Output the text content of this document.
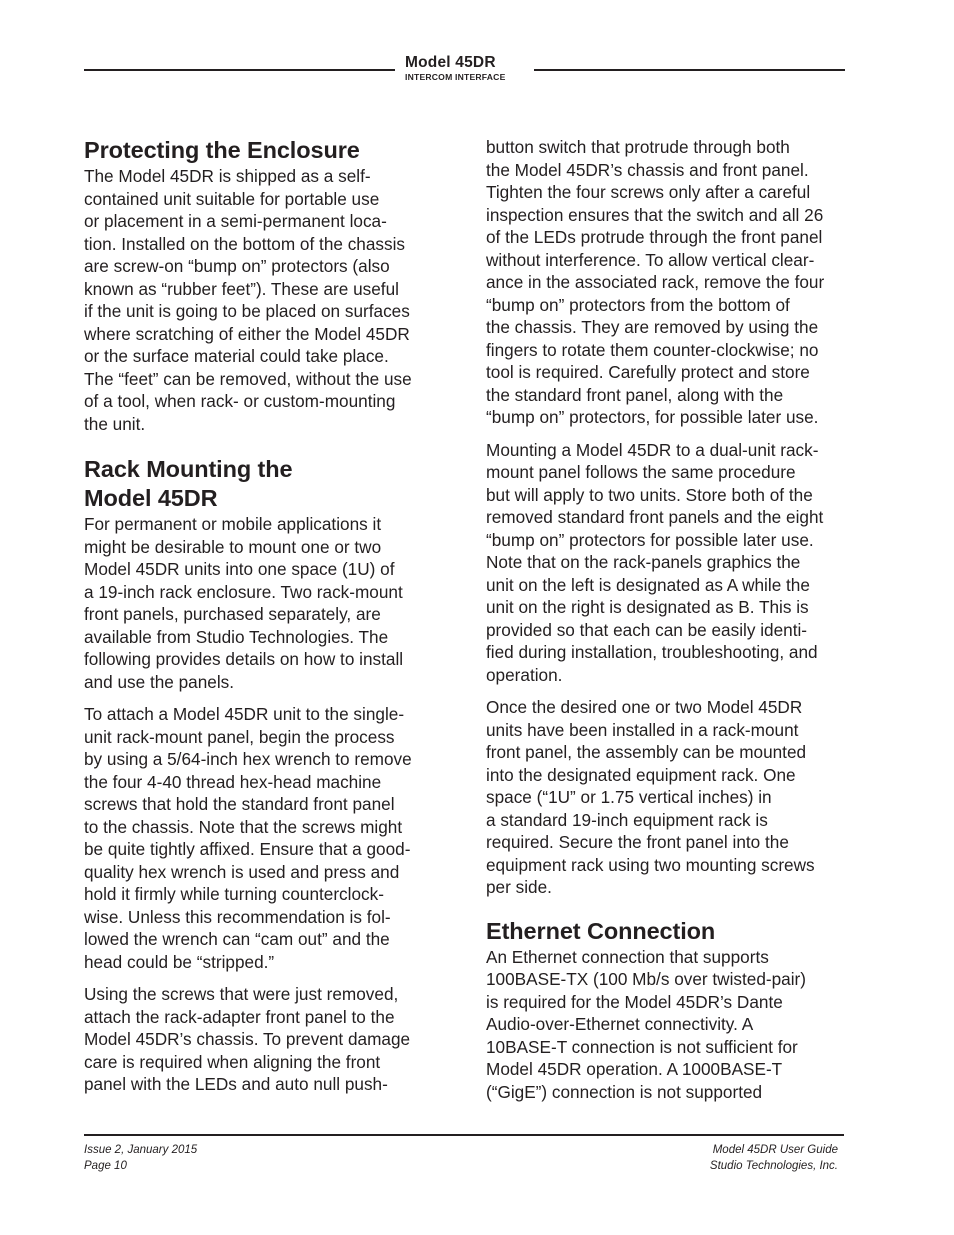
Model 45DR
INTERCOM INTERFACE
Protecting the Enclosure

The Model 45DR is shipped as a self-
contained unit suitable for portable use
or placement in a semi-permanent loca-
tion. Installed on the bottom of the chassis
are screw-on “bump on” protectors (also
known as “rubber feet”). These are useful
if the unit is going to be placed on surfaces
where scratching of either the Model 45DR
or the surface material could take place.
The “feet” can be removed, without the use
of a tool, when rack- or custom-mounting
the unit.

Rack Mounting the
Model 45DR

For permanent or mobile applications it
might be desirable to mount one or two
Model 45DR units into one space (1U) of
a 19-inch rack enclosure. Two rack-mount
front panels, purchased separately, are
available from Studio Technologies. The
following provides details on how to install
and use the panels.

To attach a Model 45DR unit to the single-
unit rack-mount panel, begin the process
by using a 5/64-inch hex wrench to remove
the four 4-40 thread hex-head machine
screws that hold the standard front panel
to the chassis. Note that the screws might
be quite tightly affixed. Ensure that a good-
quality hex wrench is used and press and
hold it firmly while turning counterclock-
wise. Unless this recommendation is fol-
lowed the wrench can “cam out” and the
head could be “stripped.”

Using the screws that were just removed,
attach the rack-adapter front panel to the
Model 45DR’s chassis. To prevent damage
care is required when aligning the front
panel with the LEDs and auto null push-

button switch that protrude through both
the Model 45DR’s chassis and front panel.
Tighten the four screws only after a careful
inspection ensures that the switch and all 26
of the LEDs protrude through the front panel
without interference. To allow vertical clear-
ance in the associated rack, remove the four
“bump on” protectors from the bottom of
the chassis. They are removed by using the
fingers to rotate them counter-clockwise; no
tool is required. Carefully protect and store
the standard front panel, along with the
“bump on” protectors, for possible later use.

Mounting a Model 45DR to a dual-unit rack-
mount panel follows the same procedure
but will apply to two units. Store both of the
removed standard front panels and the eight
“bump on” protectors for possible later use.
Note that on the rack-panels graphics the
unit on the left is designated as A while the
unit on the right is designated as B. This is
provided so that each can be easily identi-
fied during installation, troubleshooting, and
operation.

Once the desired one or two Model 45DR
units have been installed in a rack-mount
front panel, the assembly can be mounted
into the designated equipment rack. One
space (“1U” or 1.75 vertical inches) in
a standard 19-inch equipment rack is
required. Secure the front panel into the
equipment rack using two mounting screws
per side.

Ethernet Connection

An Ethernet connection that supports
100BASE-TX (100 Mb/s over twisted-pair)
is required for the Model 45DR’s Dante
Audio-over-Ethernet connectivity. A
10BASE-T connection is not sufficient for
Model 45DR operation. A 1000BASE-T
(“GigE”) connection is not supported

Issue 2, January 2015
Page 10
Model 45DR User Guide
Studio Technologies, Inc.
